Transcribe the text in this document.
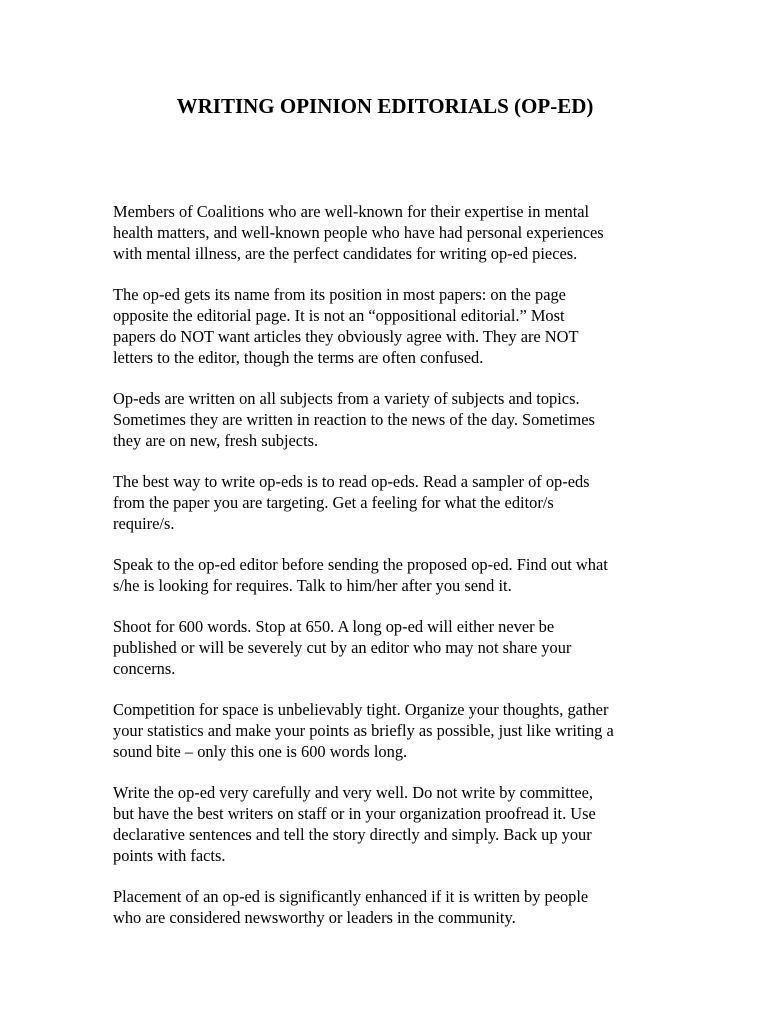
WRITING OPINION EDITORIALS (OP-ED)

Members of Coalitions who are well-known for their expertise in mental
health matters, and well-known people who have had personal experiences
with mental illness, are the perfect candidates for writing op-ed pieces.

The op-ed gets its name from its position in most papers: on the page
opposite the editorial page. It is not an “oppositional editorial.” Most
papers do NOT want articles they obviously agree with. They are NOT
letters to the editor, though the terms are often confused.

Op-eds are written on all subjects from a variety of subjects and topics.
Sometimes they are written in reaction to the news of the day. Sometimes
they are on new, fresh subjects.

The best way to write op-eds is to read op-eds. Read a sampler of op-eds
from the paper you are targeting. Get a feeling for what the editor/s
require/s.

Speak to the op-ed editor before sending the proposed op-ed. Find out what
s/he is looking for requires. Talk to him/her after you send it.

Shoot for 600 words. Stop at 650. A long op-ed will either never be
published or will be severely cut by an editor who may not share your
concerns.

Competition for space is unbelievably tight. Organize your thoughts, gather
your statistics and make your points as briefly as possible, just like writing a
sound bite – only this one is 600 words long.

Write the op-ed very carefully and very well. Do not write by committee,
but have the best writers on staff or in your organization proofread it. Use
declarative sentences and tell the story directly and simply. Back up your
points with facts.

Placement of an op-ed is significantly enhanced if it is written by people
who are considered newsworthy or leaders in the community.
